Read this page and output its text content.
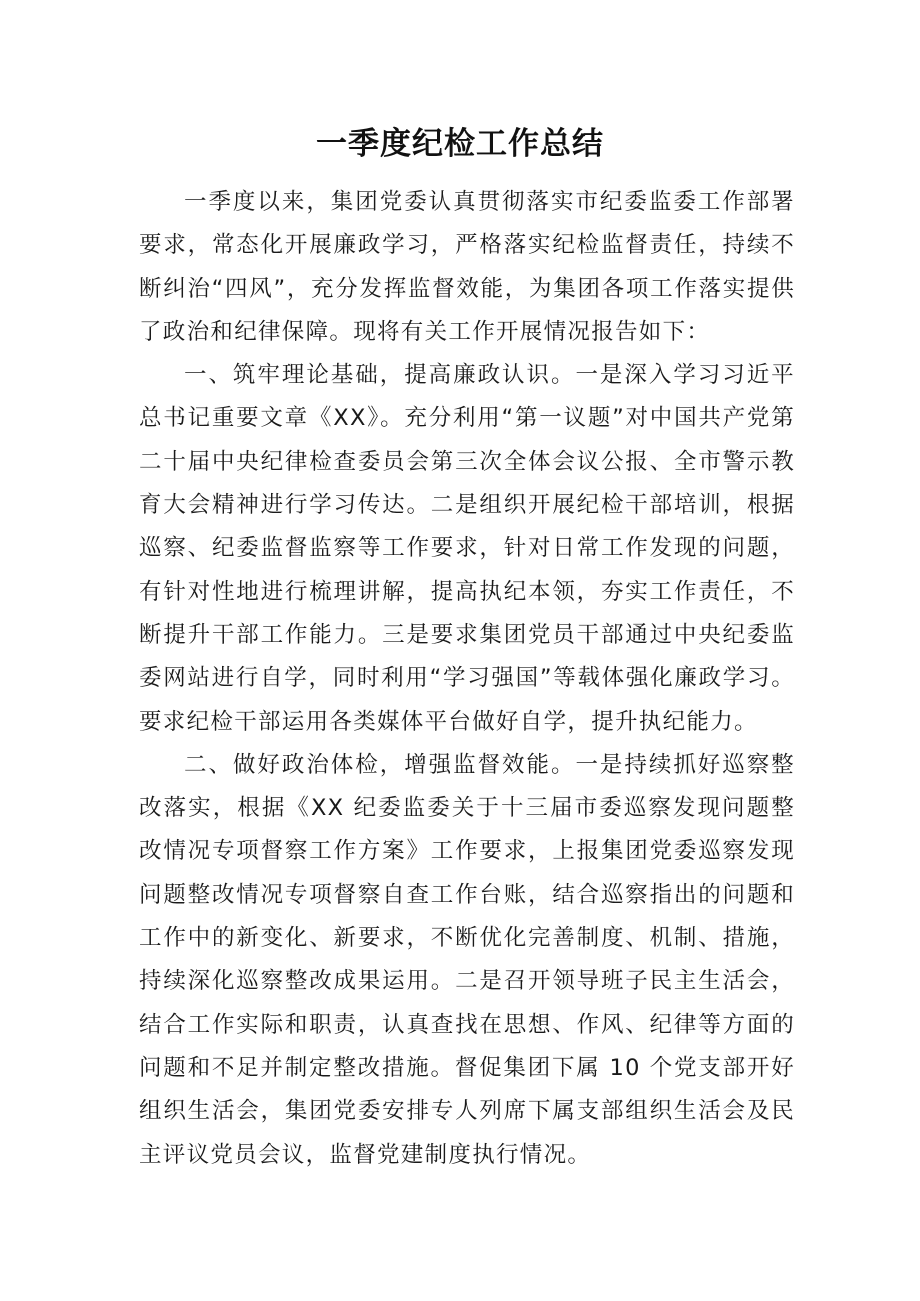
一季度纪检工作总结

一季度以来，集团党委认真贯彻落实市纪委监委工作部署要求，常态化开展廉政学习，严格落实纪检监督责任，持续不断纠治“四风”，充分发挥监督效能，为集团各项工作落实提供了政治和纪律保障。现将有关工作开展情况报告如下：

一、筑牢理论基础，提高廉政认识。一是深入学习习近平总书记重要文章《XX》。充分利用“第一议题”对中国共产党第二十届中央纪律检查委员会第三次全体会议公报、全市警示教育大会精神进行学习传达。二是组织开展纪检干部培训，根据巡察、纪委监督监察等工作要求，针对日常工作发现的问题，有针对性地进行梳理讲解，提高执纪本领，夯实工作责任，不断提升干部工作能力。三是要求集团党员干部通过中央纪委监委网站进行自学，同时利用“学习强国”等载体强化廉政学习。要求纪检干部运用各类媒体平台做好自学，提升执纪能力。

二、做好政治体检，增强监督效能。一是持续抓好巡察整改落实，根据《XX 纪委监委关于十三届市委巡察发现问题整改情况专项督察工作方案》工作要求，上报集团党委巡察发现问题整改情况专项督察自查工作台账，结合巡察指出的问题和工作中的新变化、新要求，不断优化完善制度、机制、措施，持续深化巡察整改成果运用。二是召开领导班子民主生活会，结合工作实际和职责，认真查找在思想、作风、纪律等方面的问题和不足并制定整改措施。督促集团下属 10 个党支部开好组织生活会，集团党委安排专人列席下属支部组织生活会及民主评议党员会议，监督党建制度执行情况。
